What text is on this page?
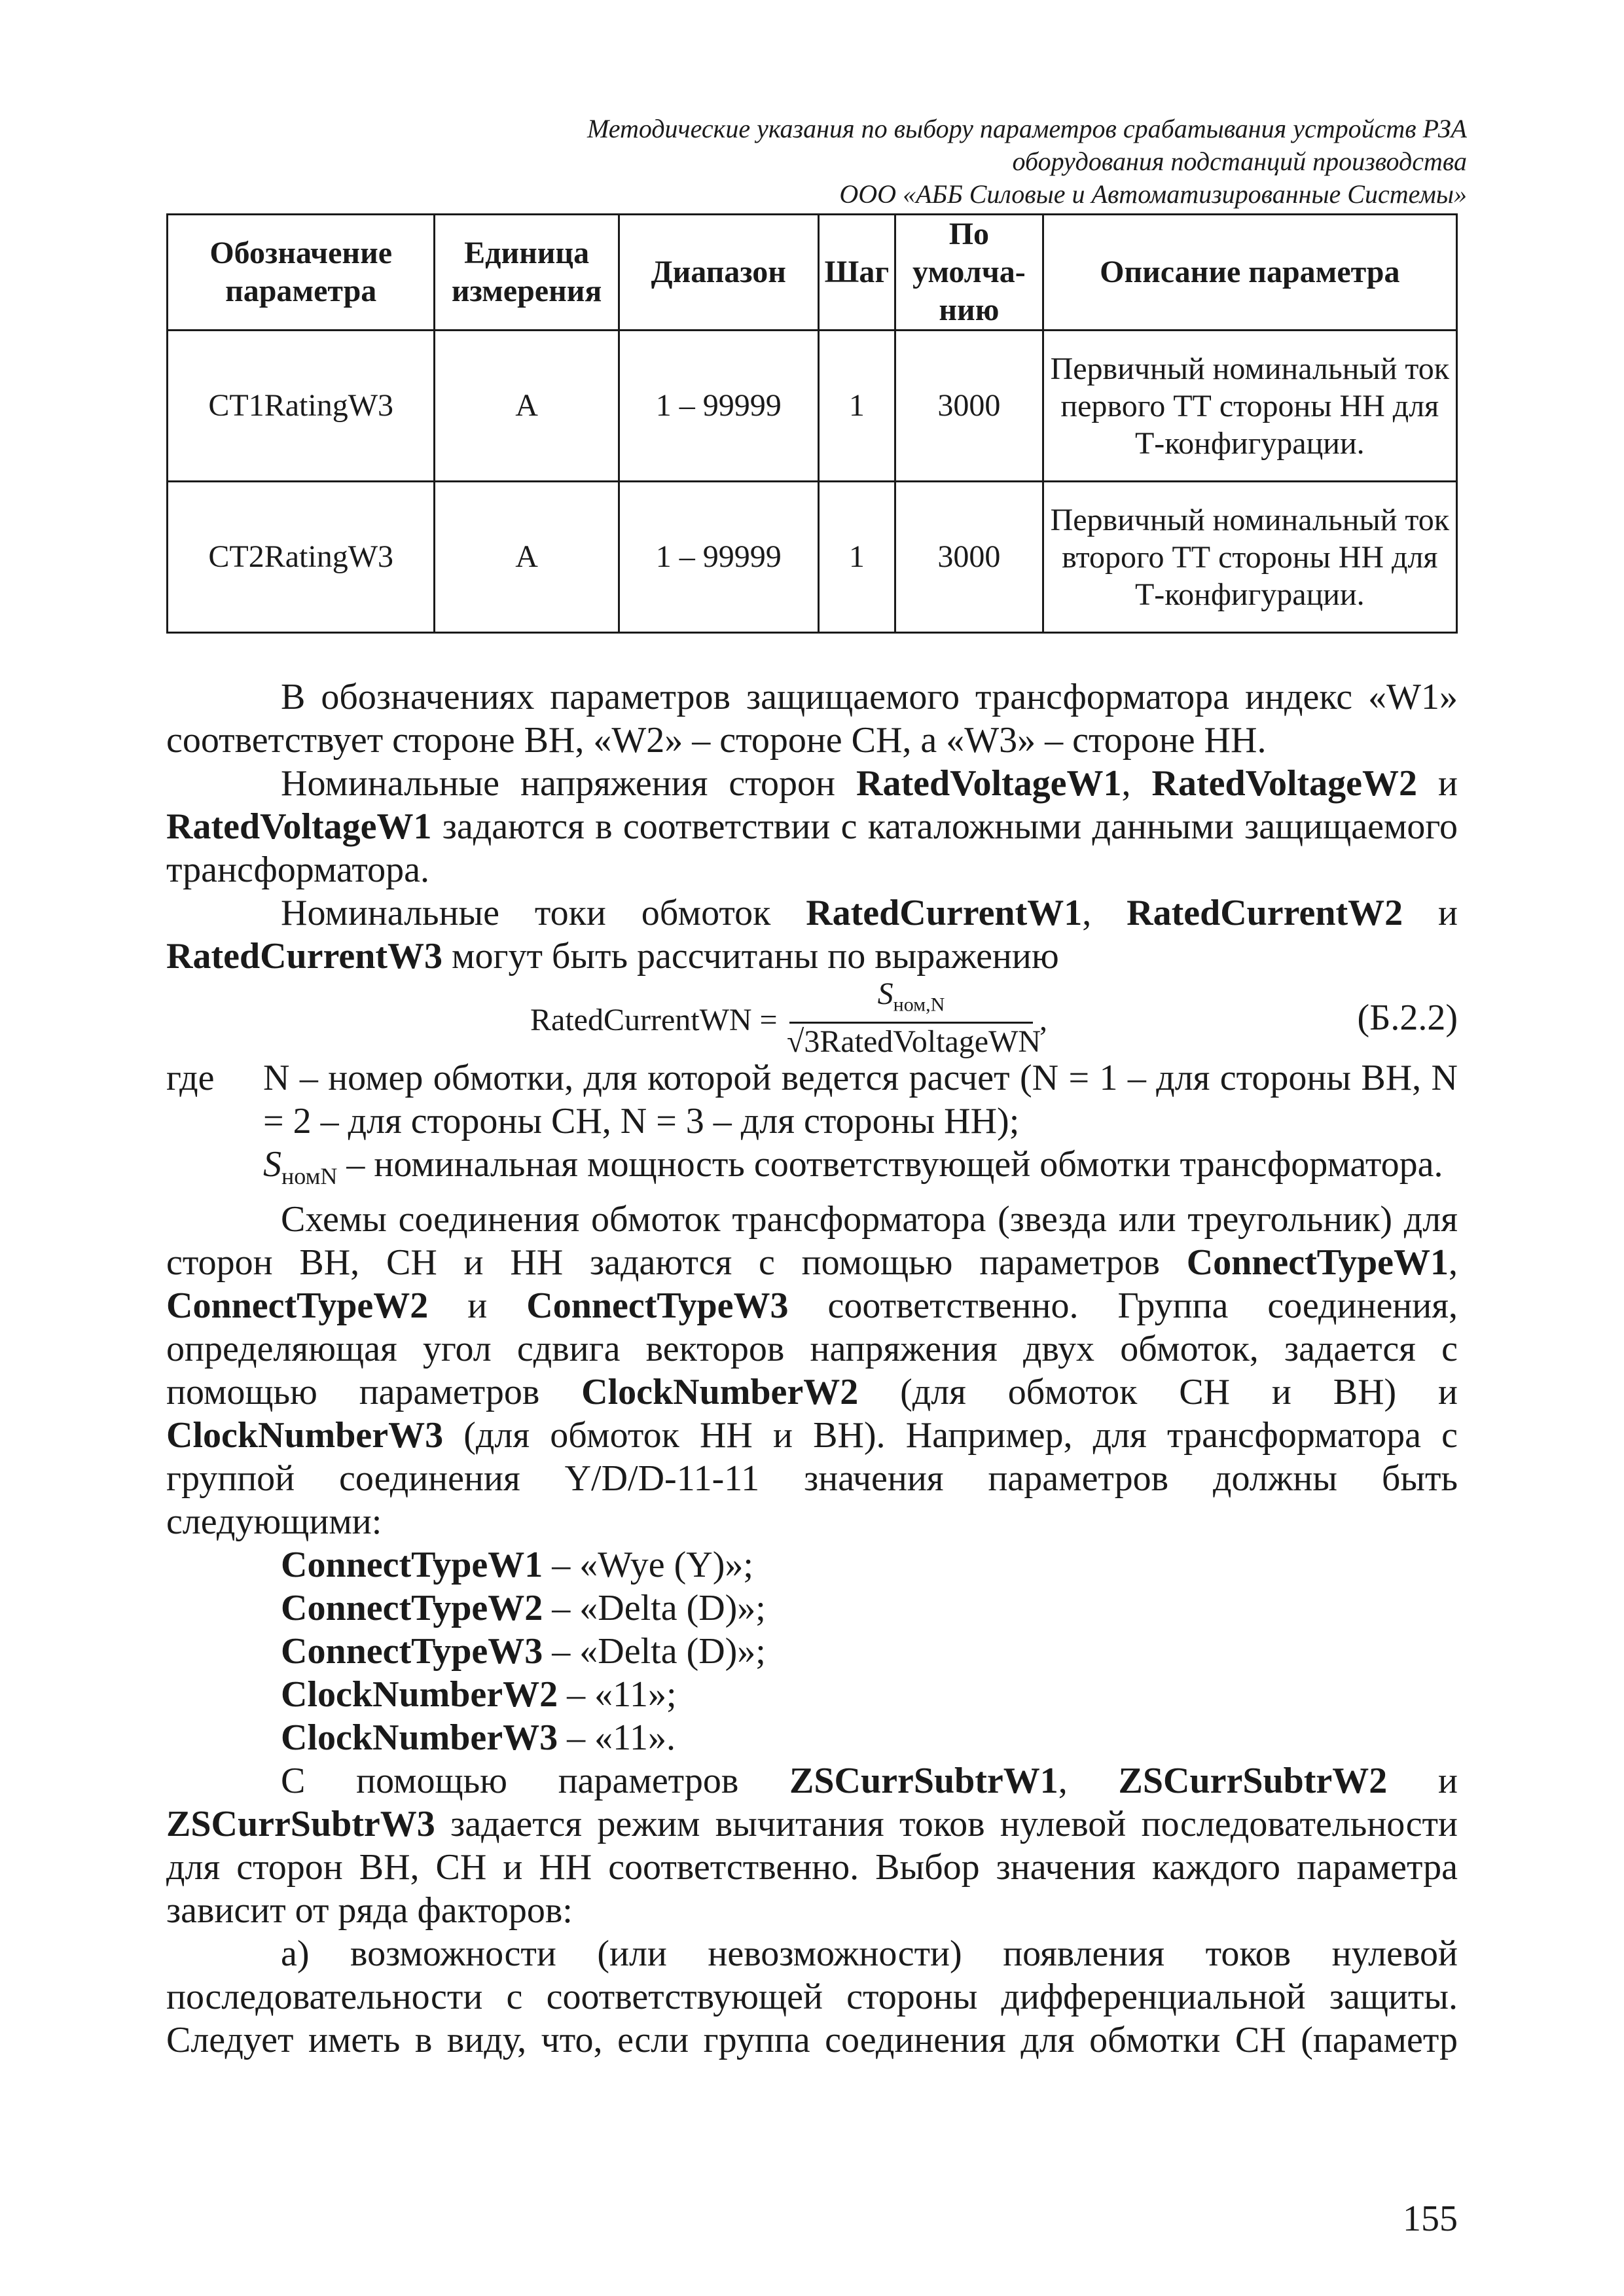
Методические указания по выбору параметров срабатывания устройств РЗА
оборудования подстанций производства
ООО «АББ Силовые и Автоматизированные Системы»
Обозначение параметра	Единица измерения	Диапазон	Шаг	По умолча-нию	Описание параметра
CT1RatingW3	A	1 – 99999	1	3000	Первичный номинальный ток первого ТТ стороны НН для Т-конфигурации.
CT2RatingW3	A	1 – 99999	1	3000	Первичный номинальный ток второго ТТ стороны НН для Т-конфигурации.

В обозначениях параметров защищаемого трансформатора индекс «W1» соответствует стороне ВН, «W2» – стороне СН, а «W3» – стороне НН.

Номинальные напряжения сторон RatedVoltageW1, RatedVoltageW2 и RatedVoltageW1 задаются в соответствии с каталожными данными защищаемого трансформатора.

Номинальные токи обмоток RatedCurrentW1, RatedCurrentW2 и RatedCurrentW3 могут быть рассчитаны по выражению

RatedCurrentWN =
$S_{ном,N}$
√3RatedVoltageWN
,	(Б.2.2)
где	N – номер обмотки, для которой ведется расчет (N = 1 – для стороны ВН, N = 2 – для стороны СН, N = 3 – для стороны НН);

$S_{номN}$ – номинальная мощность соответствующей обмотки трансформатора.

Схемы соединения обмоток трансформатора (звезда или треугольник) для сторон ВН, СН и НН задаются с помощью параметров ConnectTypeW1, ConnectTypeW2 и ConnectTypeW3 соответственно. Группа соединения, определяющая угол сдвига векторов напряжения двух обмоток, задается с помощью параметров ClockNumberW2 (для обмоток СН и ВН) и ClockNumberW3 (для обмоток НН и ВН). Например, для трансформатора с группой соединения Y/D/D-11-11 значения параметров должны быть следующими:

ConnectTypeW1 – «Wye (Y)»;
ConnectTypeW2 – «Delta (D)»;
ConnectTypeW3 – «Delta (D)»;
ClockNumberW2 – «11»;
ClockNumberW3 – «11».

С помощью параметров ZSCurrSubtrW1, ZSCurrSubtrW2 и ZSCurrSubtrW3 задается режим вычитания токов нулевой последовательности для сторон ВН, СН и НН соответственно. Выбор значения каждого параметра зависит от ряда факторов:

а) возможности (или невозможности) появления токов нулевой последовательности с соответствующей стороны дифференциальной защиты. Следует иметь в виду, что, если группа соединения для обмотки СН (параметр

155
